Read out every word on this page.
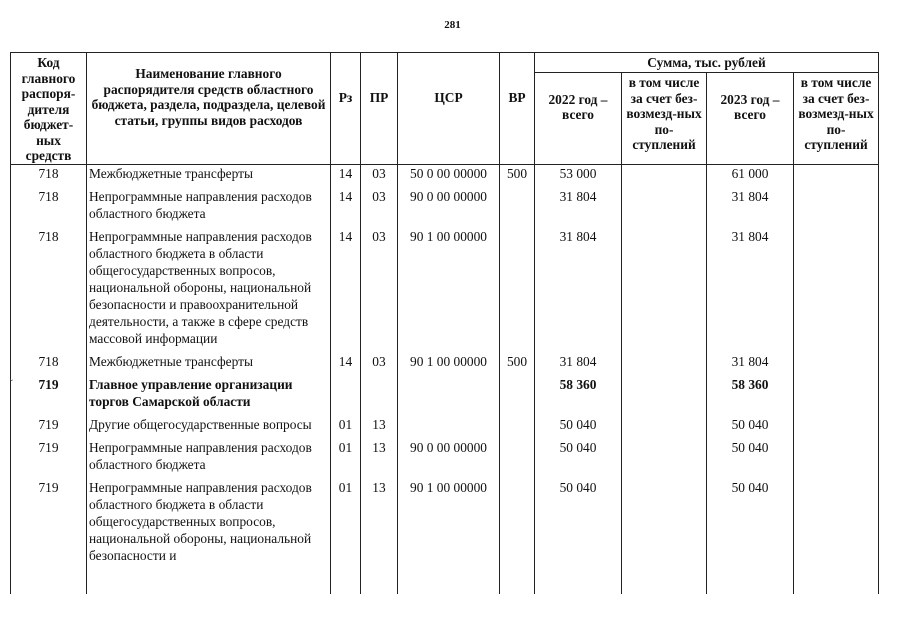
281
Код главного распоря-дителя бюджет-ных средств	Наименование главного распорядителя средств областного бюджета, раздела, подраздела, целевой статьи, группы видов расходов	Рз	ПР	ЦСР	ВР	Сумма, тыс. рублей			
						2022 год – всего	в том числе за счет без-возмезд-ных по-ступлений	2023 год – всего	в том числе за счет без-возмезд-ных по-ступлений
718	Межбюджетные трансферты	14	03	50 0 00 00000	500	53 000		61 000	

718	Непрограммные направления расходов областного бюджета	14	03	90 0 00 00000		31 804		31 804	

718	Непрограммные направления расходов областного бюджета в области общегосударственных вопросов, национальной обороны, национальной безопасности и правоохранительной деятельности, а также в сфере средств массовой информации	14	03	90 1 00 00000		31 804		31 804	

718	Межбюджетные трансферты	14	03	90 1 00 00000	500	31 804		31 804	

719	Главное управление организации торгов Самарской области					58 360		58 360	

719	Другие общегосударственные вопросы	01	13			50 040		50 040	

719	Непрограммные направления расходов областного бюджета	01	13	90 0 00 00000		50 040		50 040	

719	Непрограммные направления расходов областного бюджета в области общегосударственных вопросов, национальной обороны, национальной безопасности и	01	13	90 1 00 00000		50 040		50 040	

ˇ
